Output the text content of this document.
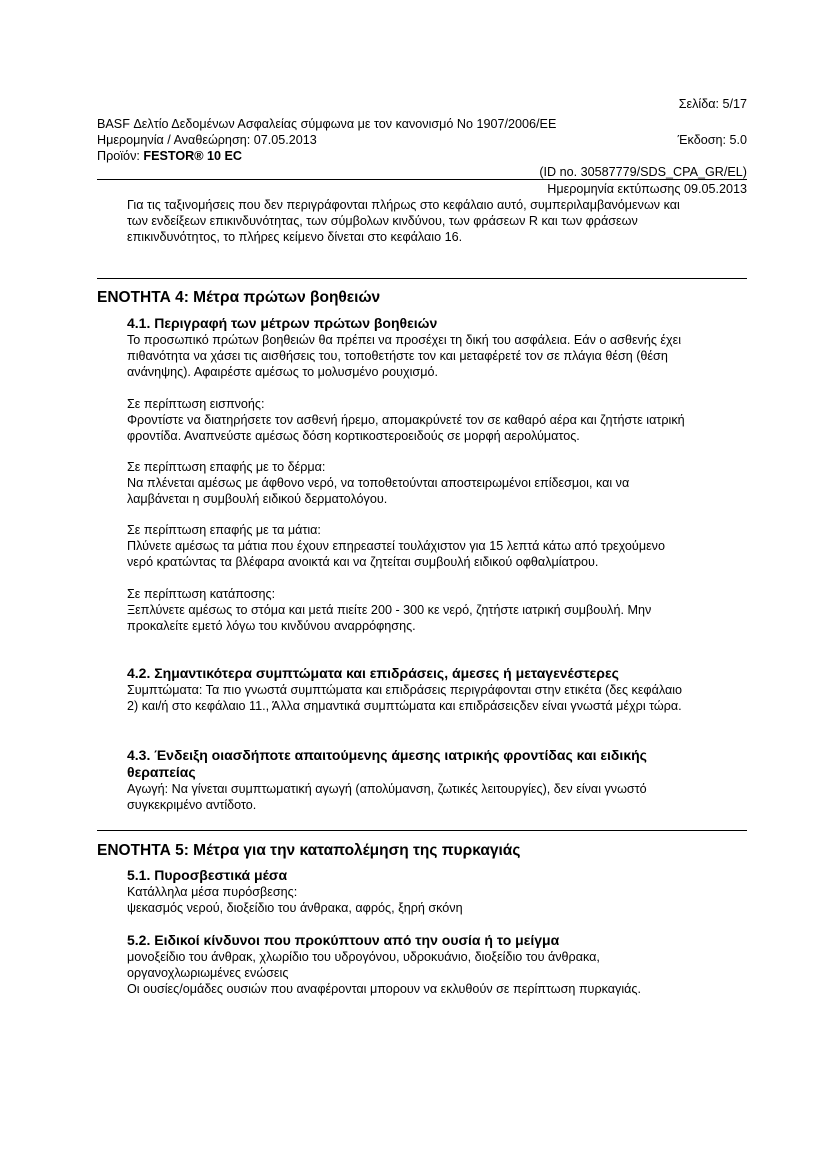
Σελίδα: 5/17
BASF Δελτίο Δεδομένων Ασφαλείας σύμφωνα με τον κανονισμό Νο 1907/2006/ΕΕ
Ημερομηνία / Αναθεώρηση: 07.05.2013	Έκδοση: 5.0
Προϊόν: FESTOR® 10 EC
(ID no. 30587779/SDS_CPA_GR/EL)
Ημερομηνία εκτύπωσης 09.05.2013
Για τις ταξινομήσεις που δεν περιγράφονται πλήρως στο κεφάλαιο αυτό, συμπεριλαμβανόμενων και
των ενδείξεων επικινδυνότητας, των σύμβολων κινδύνου, των φράσεων R και των φράσεων
επικινδυνότητος, το πλήρες κείμενο δίνεται στο κεφάλαιο 16.
ΕΝΟΤΗΤΑ 4: Μέτρα πρώτων βοηθειών
4.1. Περιγραφή των μέτρων πρώτων βοηθειών
Το προσωπικό πρώτων βοηθειών θα πρέπει να προσέχει τη δική του ασφάλεια. Εάν ο ασθενής έχει
πιθανότητα να χάσει τις αισθήσεις του, τοποθετήστε τον και μεταφέρετέ τον σε πλάγια θέση (θέση
ανάνηψης). Αφαιρέστε αμέσως το μολυσμένο ρουχισμό.
Σε περίπτωση εισπνοής:
Φροντίστε να διατηρήσετε τον ασθενή ήρεμο, απομακρύνετέ τον σε καθαρό αέρα και ζητήστε ιατρική
φροντίδα. Αναπνεύστε αμέσως δόση κορτικοστεροειδούς σε μορφή αερολύματος.
Σε περίπτωση επαφής με το δέρμα:
Να πλένεται αμέσως με άφθονο νερό, να τοποθετούνται αποστειρωμένοι επίδεσμοι, και να
λαμβάνεται η συμβουλή ειδικού δερματολόγου.
Σε περίπτωση επαφής με τα μάτια:
Πλύνετε αμέσως τα μάτια που έχουν επηρεαστεί τουλάχιστον για 15 λεπτά κάτω από τρεχούμενο
νερό κρατώντας τα βλέφαρα ανοικτά και να ζητείται συμβουλή ειδικού οφθαλμίατρου.
Σε περίπτωση κατάποσης:
Ξεπλύνετε αμέσως το στόμα και μετά πιείτε 200 - 300 κε νερό, ζητήστε ιατρική συμβουλή. Μην
προκαλείτε εμετό λόγω του κινδύνου αναρρόφησης.
4.2. Σημαντικότερα συμπτώματα και επιδράσεις, άμεσες ή μεταγενέστερες
Συμπτώματα: Τα πιο γνωστά συμπτώματα και επιδράσεις περιγράφονται στην ετικέτα (δες κεφάλαιο
2) και/ή στο κεφάλαιο 11., Άλλα σημαντικά συμπτώματα και επιδράσειςδεν είναι γνωστά μέχρι τώρα.
4.3. Ένδειξη οιασδήποτε απαιτούμενης άμεσης ιατρικής φροντίδας και ειδικής
θεραπείας
Αγωγή: Να γίνεται συμπτωματική αγωγή (απολύμανση, ζωτικές λειτουργίες), δεν είναι γνωστό
συγκεκριμένο αντίδοτο.
ΕΝΟΤΗΤΑ 5: Μέτρα για την καταπολέμηση της πυρκαγιάς
5.1. Πυροσβεστικά μέσα
Κατάλληλα μέσα πυρόσβεσης:
ψεκασμός νερού, διοξείδιο του άνθρακα, αφρός, ξηρή σκόνη
5.2. Ειδικοί κίνδυνοι που προκύπτουν από την ουσία ή το μείγμα
μονοξείδιο του άνθρακ, χλωρίδιο του υδρογόνου, υδροκυάνιο, διοξείδιο του άνθρακα,
οργανοχλωριωμένες ενώσεις
Οι ουσίες/ομάδες ουσιών που αναφέρονται μπορουν να εκλυθούν σε περίπτωση πυρκαγιάς.
